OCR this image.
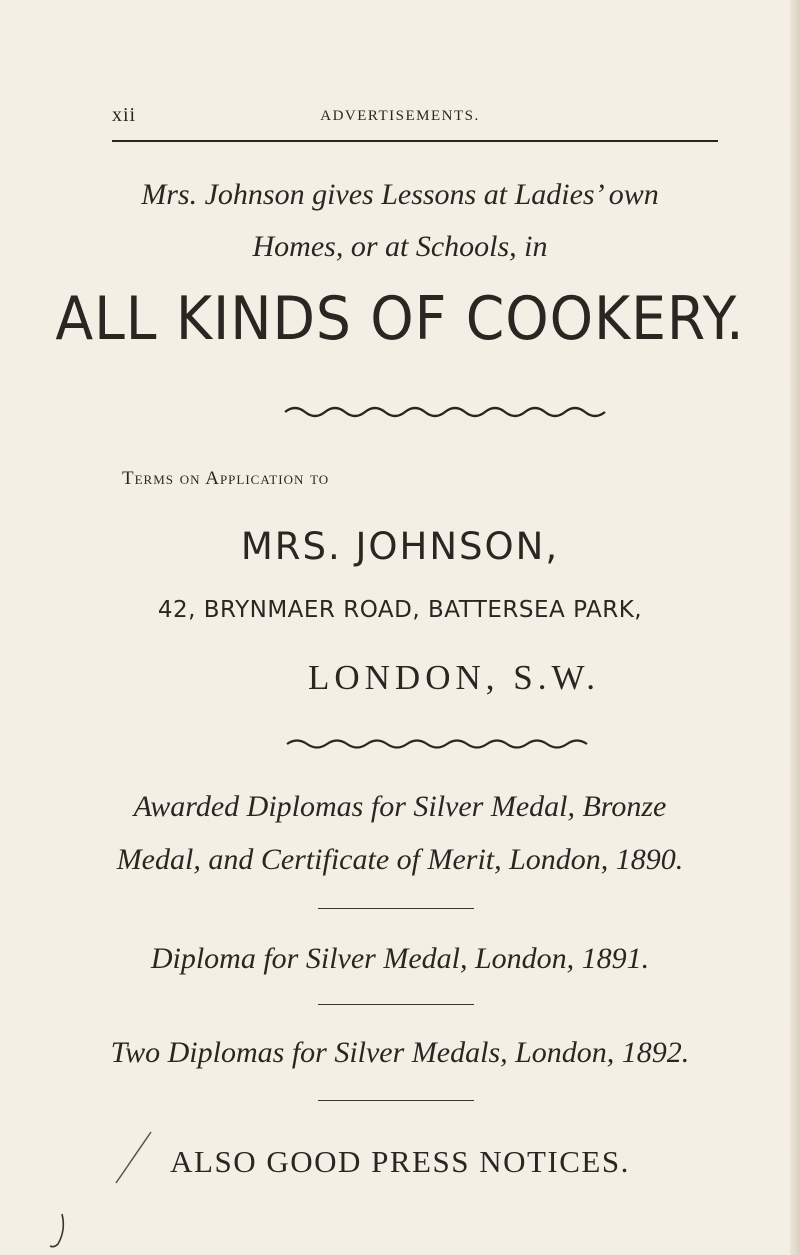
xii	ADVERTISEMENTS.
Mrs. Johnson gives Lessons at Ladies’ own
Homes, or at Schools, in
ALL KINDS OF COOKERY.
Terms on Application to
MRS. JOHNSON,
42, BRYNMAER ROAD, BATTERSEA PARK,
LONDON, S.W.
Awarded Diplomas for Silver Medal, Bronze
Medal, and Certificate of Merit, London, 1890.
Diploma for Silver Medal, London, 1891.
Two Diplomas for Silver Medals, London, 1892.
ALSO GOOD PRESS NOTICES.
